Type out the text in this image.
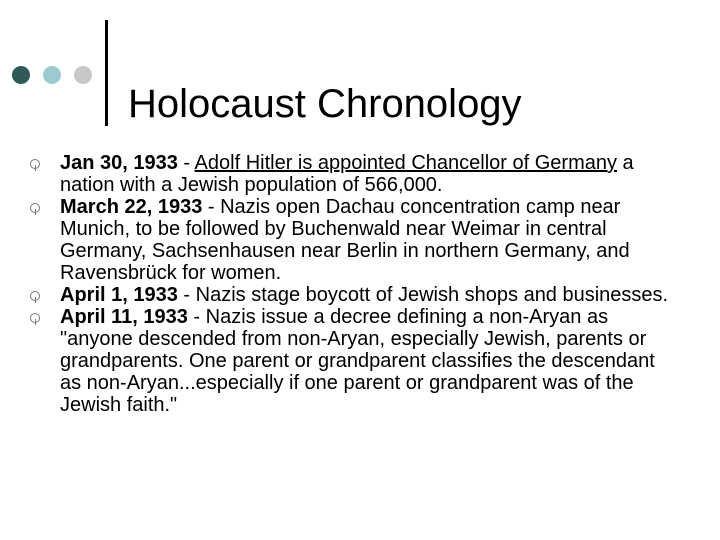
Holocaust Chronology
Jan 30, 1933 - Adolf Hitler is appointed Chancellor of Germany a nation with a Jewish population of 566,000.
March 22, 1933 - Nazis open Dachau concentration camp near Munich, to be followed by Buchenwald near Weimar in central Germany, Sachsenhausen near Berlin in northern Germany, and Ravensbrück for women.
April 1, 1933 - Nazis stage boycott of Jewish shops and businesses.
April 11, 1933 - Nazis issue a decree defining a non-Aryan as "anyone descended from non-Aryan, especially Jewish, parents or grandparents. One parent or grandparent classifies the descendant as non-Aryan...especially if one parent or grandparent was of the Jewish faith."
